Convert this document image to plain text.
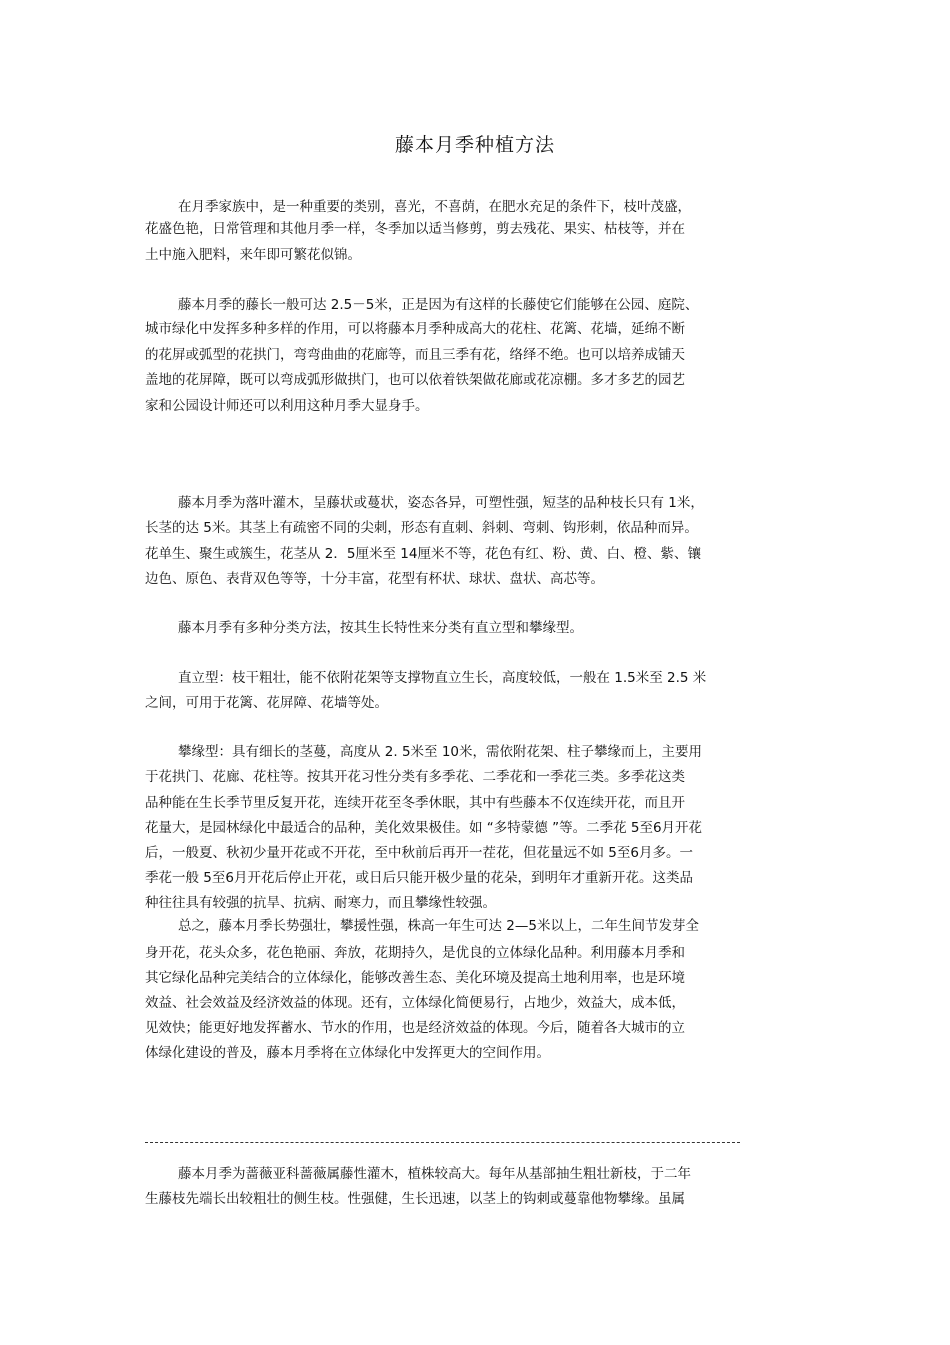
藤本月季种植方法
在月季家族中，是一种重要的类别，喜光，不喜荫，在肥水充足的条件下，枝叶茂盛，
花盛色艳，日常管理和其他月季一样，冬季加以适当修剪，剪去残花、果实、枯枝等，并在
土中施入肥料，来年即可繁花似锦。
藤本月季的藤长一般可达 2.5－5米，正是因为有这样的长藤使它们能够在公园、庭院、
城市绿化中发挥多种多样的作用，可以将藤本月季种成高大的花柱、花篱、花墙，延绵不断
的花屏或弧型的花拱门，弯弯曲曲的花廊等，而且三季有花，络绎不绝。也可以培养成铺天
盖地的花屏障，既可以弯成弧形做拱门，也可以依着铁架做花廊或花凉棚。多才多艺的园艺
家和公园设计师还可以利用这种月季大显身手。
藤本月季为落叶灌木，呈藤状或蔓状，姿态各异，可塑性强，短茎的品种枝长只有 1米，
长茎的达 5米。其茎上有疏密不同的尖刺，形态有直刺、斜刺、弯刺、钩形刺，依品种而异。
花单生、聚生或簇生，花茎从 2．5厘米至 14厘米不等，花色有红、粉、黄、白、橙、紫、镶
边色、原色、表背双色等等，十分丰富，花型有杯状、球状、盘状、高芯等。
藤本月季有多种分类方法，按其生长特性来分类有直立型和攀缘型。
直立型：枝干粗壮，能不依附花架等支撑物直立生长，高度较低，一般在 1.5米至 2.5 米
之间，可用于花篱、花屏障、花墙等处。
攀缘型：具有细长的茎蔓，高度从 2. 5米至 10米，需依附花架、柱子攀缘而上，主要用
于花拱门、花廊、花柱等。按其开花习性分类有多季花、二季花和一季花三类。多季花这类
品种能在生长季节里反复开花，连续开花至冬季休眠，其中有些藤本不仅连续开花，而且开
花量大，是园林绿化中最适合的品种，美化效果极佳。如 “多特蒙德 ”等。二季花 5至6月开花
后，一般夏、秋初少量开花或不开花，至中秋前后再开一茬花，但花量远不如 5至6月多。一
季花一般 5至6月开花后停止开花，或日后只能开极少量的花朵，到明年才重新开花。这类品
种往往具有较强的抗旱、抗病、耐寒力，而且攀缘性较强。
总之，藤本月季长势强壮，攀援性强，株高一年生可达 2—5米以上，二年生间节发芽全
身开花，花头众多，花色艳丽、奔放，花期持久，是优良的立体绿化品种。利用藤本月季和
其它绿化品种完美结合的立体绿化，能够改善生态、美化环境及提高土地利用率，也是环境
效益、社会效益及经济效益的体现。还有，立体绿化简便易行，占地少，效益大，成本低，
见效快；能更好地发挥蓄水、节水的作用，也是经济效益的体现。今后，随着各大城市的立
体绿化建设的普及，藤本月季将在立体绿化中发挥更大的空间作用。
藤本月季为蔷薇亚科蔷薇属藤性灌木，植株较高大。每年从基部抽生粗壮新枝，于二年
生藤枝先端长出较粗壮的侧生枝。性强健，生长迅速，以茎上的钩刺或蔓靠他物攀缘。虽属
